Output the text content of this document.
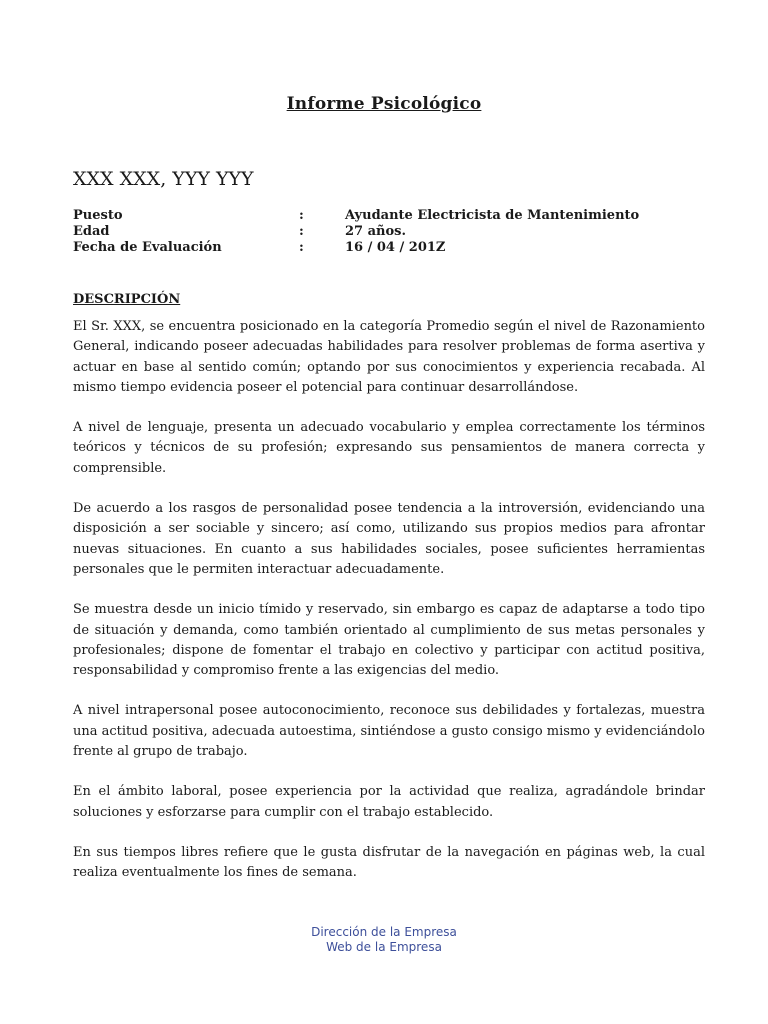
Informe Psicológico
XXX XXX, YYY YYY
Puesto	:	Ayudante Electricista de Mantenimiento
Edad	:	27 años.
Fecha de Evaluación	:	16 / 04 / 201Z
DESCRIPCIÓN

El Sr. XXX, se encuentra posicionado en la categoría Promedio según el nivel de Razonamiento General, indicando poseer adecuadas habilidades para resolver problemas de forma asertiva y actuar en base al sentido común; optando por sus conocimientos y experiencia recabada. Al mismo tiempo evidencia poseer el potencial para continuar desarrollándose.

A nivel de lenguaje, presenta un adecuado vocabulario y emplea correctamente los términos teóricos y técnicos de su profesión; expresando sus pensamientos de manera correcta y comprensible.

De acuerdo a los rasgos de personalidad posee tendencia a la introversión, evidenciando una disposición a ser sociable y sincero; así como, utilizando sus propios medios para afrontar nuevas situaciones. En cuanto a sus habilidades sociales, posee suficientes herramientas personales que le permiten interactuar adecuadamente.

Se muestra desde un inicio tímido y reservado, sin embargo es capaz de adaptarse a todo tipo de situación y demanda, como también orientado al cumplimiento de sus metas personales y profesionales; dispone de fomentar el trabajo en colectivo y participar con actitud positiva, responsabilidad y compromiso frente a las exigencias del medio.

A nivel intrapersonal posee autoconocimiento, reconoce sus debilidades y fortalezas, muestra una actitud positiva, adecuada autoestima, sintiéndose a gusto consigo mismo y evidenciándolo frente al grupo de trabajo.

En el ámbito laboral, posee experiencia por la actividad que realiza, agradándole brindar soluciones y esforzarse para cumplir con el trabajo establecido.

En sus tiempos libres refiere que le gusta disfrutar de la navegación en páginas web, la cual realiza eventualmente los fines de semana.

Dirección de la Empresa
Web de la Empresa
